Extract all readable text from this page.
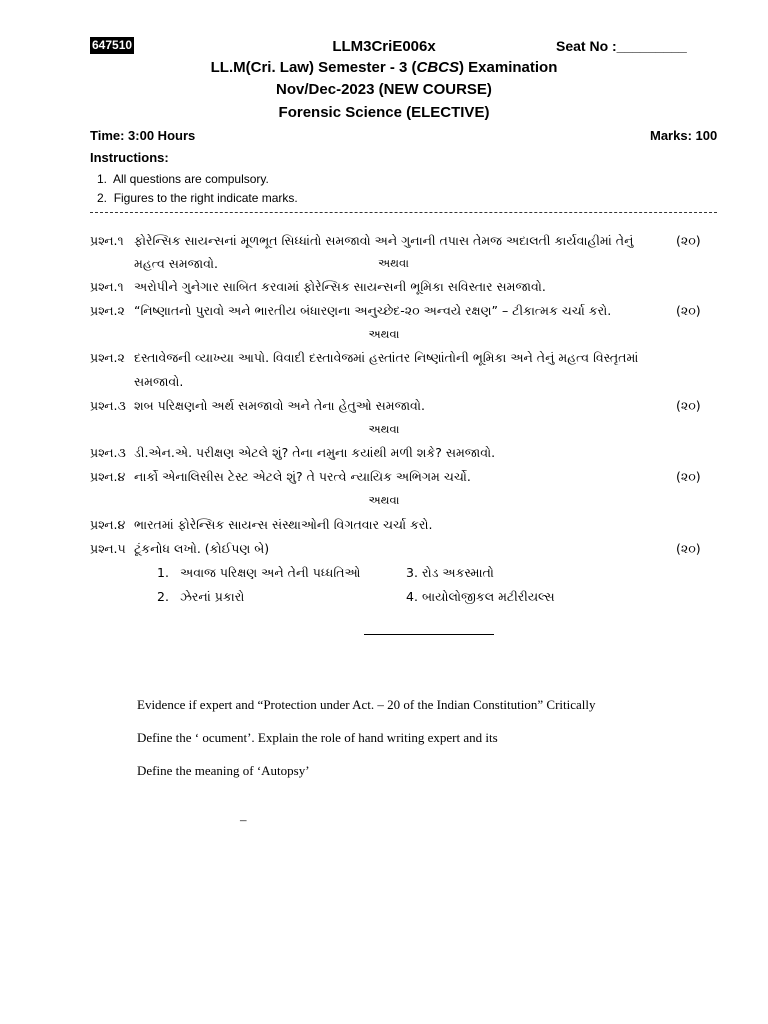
647510	LLM3CriE006x	Seat No :_________
LL.M(Cri. Law) Semester - 3 (CBCS) Examination
Nov/Dec-2023 (NEW COURSE)
Forensic Science (ELECTIVE)
Time: 3:00 Hours	Marks: 100
Instructions:
1.  All questions are compulsory.
2.  Figures to the right indicate marks.
પ્રશ્ન.૧ ફોરેન્સિક સાયન્સનાં મૂળભૂત સિધ્ધાંતો સમજાવો અને ગુનાની તપાસ તેમજ અદાલતી કાર્યવાહીમાં તેનું	(૨૦)
મહત્વ સમજાવો.	અથવા
પ્રશ્ન.૧ અરોપીને ગુનેગાર સાબિત કરવામાં ફોરેન્સિક સાયન્સની ભૂમિકા સવિસ્તાર સમજાવો.
પ્રશ્ન.૨ “નિષ્ણાતનો પુરાવો અને ભારતીય બંધારણના અનુચ્છેદ-૨૦ અન્વયે રક્ષણ” – ટીકાત્મક ચર્ચા કરો.	(૨૦)
અથવા
પ્રશ્ન.૨ દસ્તાવેજની વ્યાખ્યા આપો. વિવાદી દસ્તાવેજમાં હસ્તાંતર નિષ્ણાંતોની ભૂમિકા અને તેનું મહત્વ વિસ્તૃતમાં
સમજાવો.
પ્રશ્ન.૩ શબ પરિક્ષણનો અર્થ સમજાવો અને તેના હેતુઓ સમજાવો.	(૨૦)
અથવા
પ્રશ્ન.૩ ડી.એન.એ. પરીક્ષણ એટલે શું? તેના નમુના કયાંથી મળી શકે? સમજાવો.
પ્રશ્ન.૪ નાર્કો એનાલિસીસ ટેસ્ટ એટલે શું? તે પરત્વે ન્યાયિક અભિગમ ચર્ચો.	(૨૦)
અથવા
પ્રશ્ન.૪ ભારતમાં ફોરેન્સિક સાયન્સ સંસ્થાઓની વિગતવાર ચર્ચા કરો.
પ્રશ્ન.૫ ટૂંકનોધ લખો. (કોઈપણ બે)	(૨૦)
1. અવાજ પરિક્ષણ અને તેની પધ્ધતિઓ	3. રોડ અકસ્માતો
2. ઝેરનાં પ્રકારો	4. બાયોલોજીકલ મટીરીયલ્સ
Evidence if expert and “Protection under Act. – 20 of the Indian Constitution” Critically
Define the ‘ ocument’. Explain the role of hand writing expert and its
Define the meaning of ‘Autopsy’
–
